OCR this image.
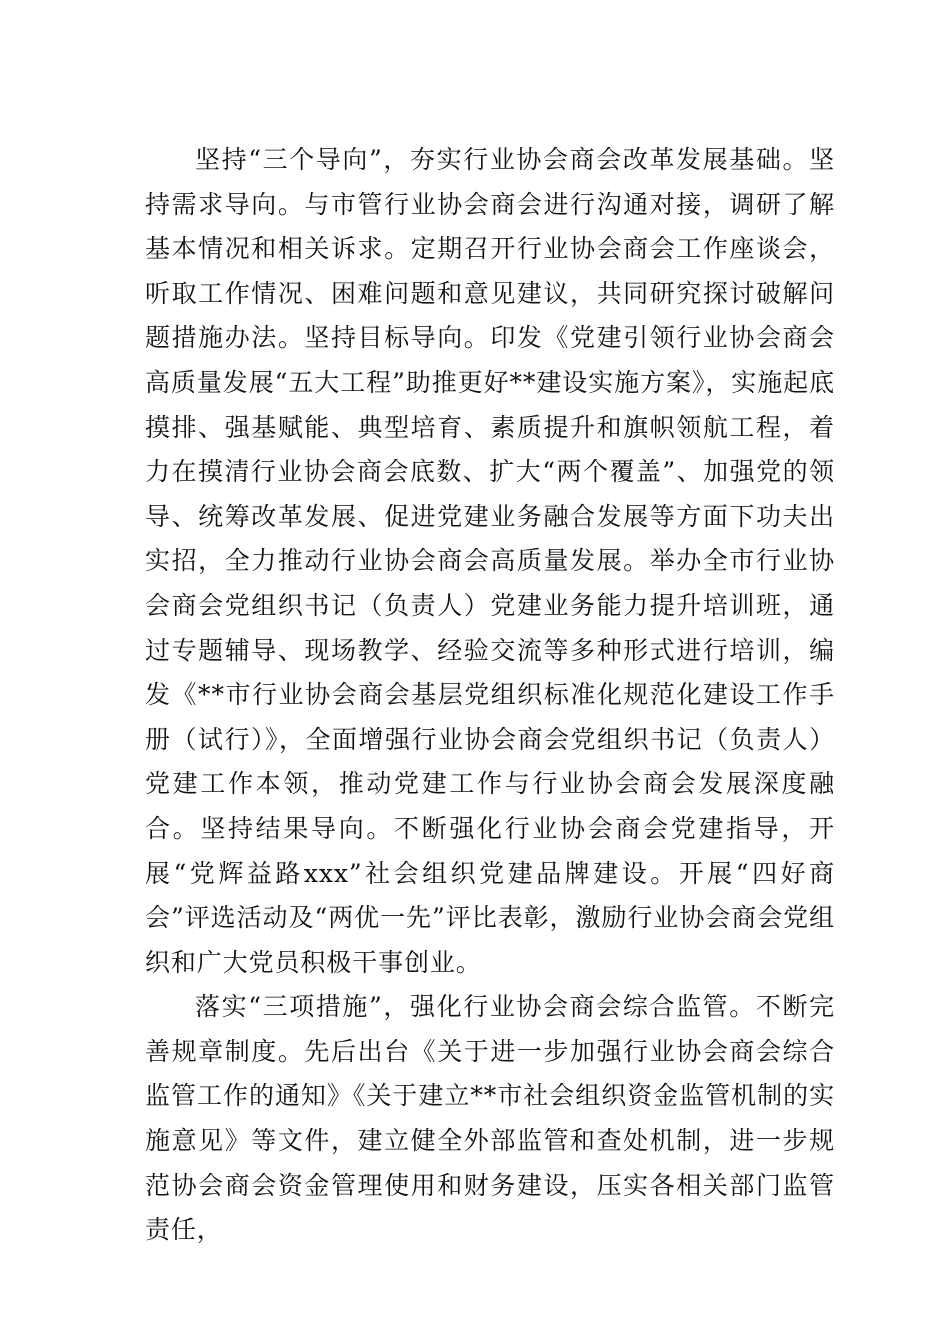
坚持“三个导向”，夯实行业协会商会改革发展基础。坚持需求导向。与市管行业协会商会进行沟通对接，调研了解基本情况和相关诉求。定期召开行业协会商会工作座谈会，听取工作情况、困难问题和意见建议，共同研究探讨破解问题措施办法。坚持目标导向。印发《党建引领行业协会商会高质量发展“五大工程”助推更好**建设实施方案》，实施起底摸排、强基赋能、典型培育、素质提升和旗帜领航工程，着力在摸清行业协会商会底数、扩大“两个覆盖”、加强党的领导、统筹改革发展、促进党建业务融合发展等方面下功夫出实招，全力推动行业协会商会高质量发展。举办全市行业协会商会党组织书记（负责人）党建业务能力提升培训班，通过专题辅导、现场教学、经验交流等多种形式进行培训，编发《**市行业协会商会基层党组织标准化规范化建设工作手册（试行）》，全面增强行业协会商会党组织书记（负责人）党建工作本领，推动党建工作与行业协会商会发展深度融合。坚持结果导向。不断强化行业协会商会党建指导，开展“党辉益路xxx”社会组织党建品牌建设。开展“四好商会”评选活动及“两优一先”评比表彰，激励行业协会商会党组织和广大党员积极干事创业。

落实“三项措施”，强化行业协会商会综合监管。不断完善规章制度。先后出台《关于进一步加强行业协会商会综合监管工作的通知》《关于建立**市社会组织资金监管机制的实施意见》等文件，建立健全外部监管和查处机制，进一步规范协会商会资金管理使用和财务建设，压实各相关部门监管责任，
